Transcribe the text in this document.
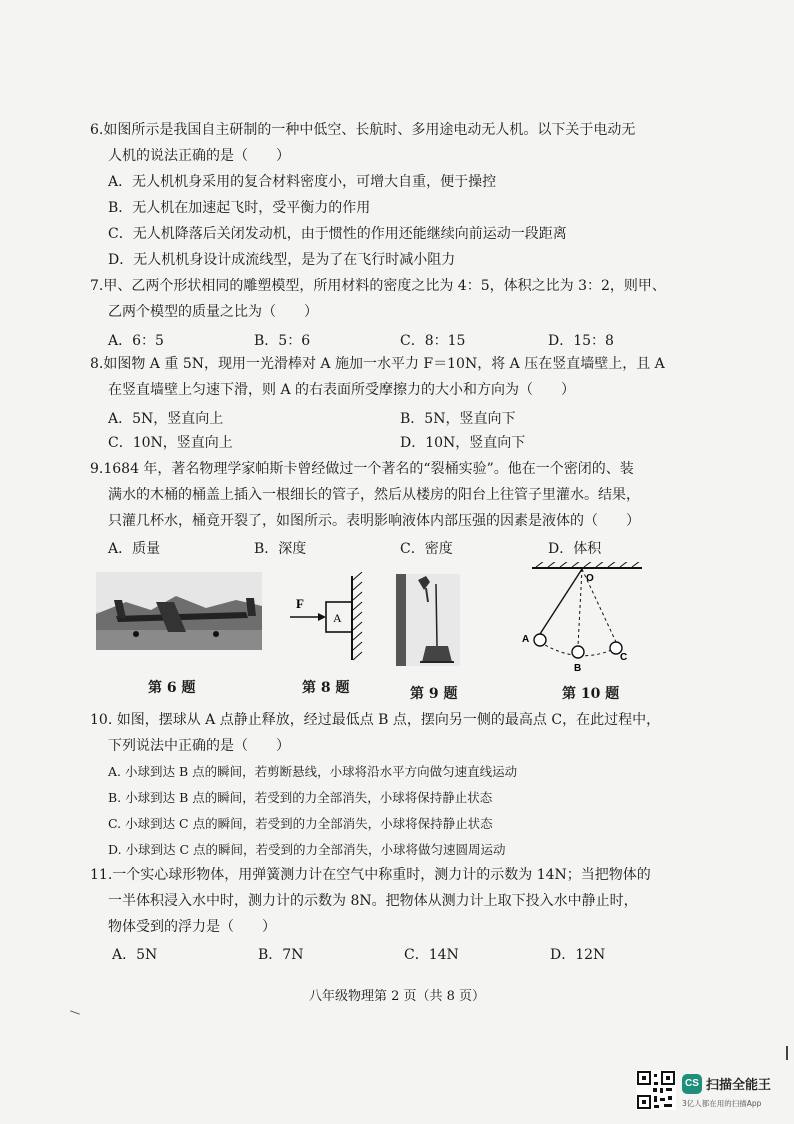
6.如图所示是我国自主研制的一种中低空、长航时、多用途电动无人机。以下关于电动无
人机的说法正确的是（　　）
A．无人机机身采用的复合材料密度小，可增大自重，便于操控
B．无人机在加速起飞时，受平衡力的作用
C．无人机降落后关闭发动机，由于惯性的作用还能继续向前运动一段距离
D．无人机机身设计成流线型，是为了在飞行时减小阻力
7.甲、乙两个形状相同的雕塑模型，所用材料的密度之比为 4：5，体积之比为 3：2，则甲、
乙两个模型的质量之比为（　　）
A．6：5	B．5：6	C．8：15	D．15：8
8.如图物 A 重 5N，现用一光滑棒对 A 施加一水平力 F＝10N，将 A 压在竖直墙壁上，且 A
在竖直墙壁上匀速下滑，则 A 的右表面所受摩擦力的大小和方向为（　　）
A．5N，竖直向上	B．5N，竖直向下
C．10N，竖直向上	D．10N，竖直向下
9.1684 年，著名物理学家帕斯卡曾经做过一个著名的“裂桶实验”。他在一个密闭的、装
满水的木桶的桶盖上插入一根细长的管子，然后从楼房的阳台上往管子里灌水。结果，
只灌几杯水，桶竟开裂了，如图所示。表明影响液体内部压强的因素是液体的（　　）
A．质量	B．深度	C．密度	D．体积
F
A
O
A
B
C
第 6 题	第 8 题	第 9 题	第 10 题
10. 如图，摆球从 A 点静止释放，经过最低点 B 点，摆向另一侧的最高点 C，在此过程中，
下列说法中正确的是（　　）
A. 小球到达 B 点的瞬间，若剪断悬线，小球将沿水平方向做匀速直线运动
B. 小球到达 B 点的瞬间，若受到的力全部消失，小球将保持静止状态
C. 小球到达 C 点的瞬间，若受到的力全部消失，小球将保持静止状态
D. 小球到达 C 点的瞬间，若受到的力全部消失，小球将做匀速圆周运动
11.一个实心球形物体，用弹簧测力计在空气中称重时，测力计的示数为 14N；当把物体的
一半体积浸入水中时，测力计的示数为 8N。把物体从测力计上取下投入水中静止时，
物体受到的浮力是（　　）
A．5N	B．7N	C．14N	D．12N
八年级物理第 2 页（共 8 页）
CS 扫描全能王
3亿人都在用的扫描App
